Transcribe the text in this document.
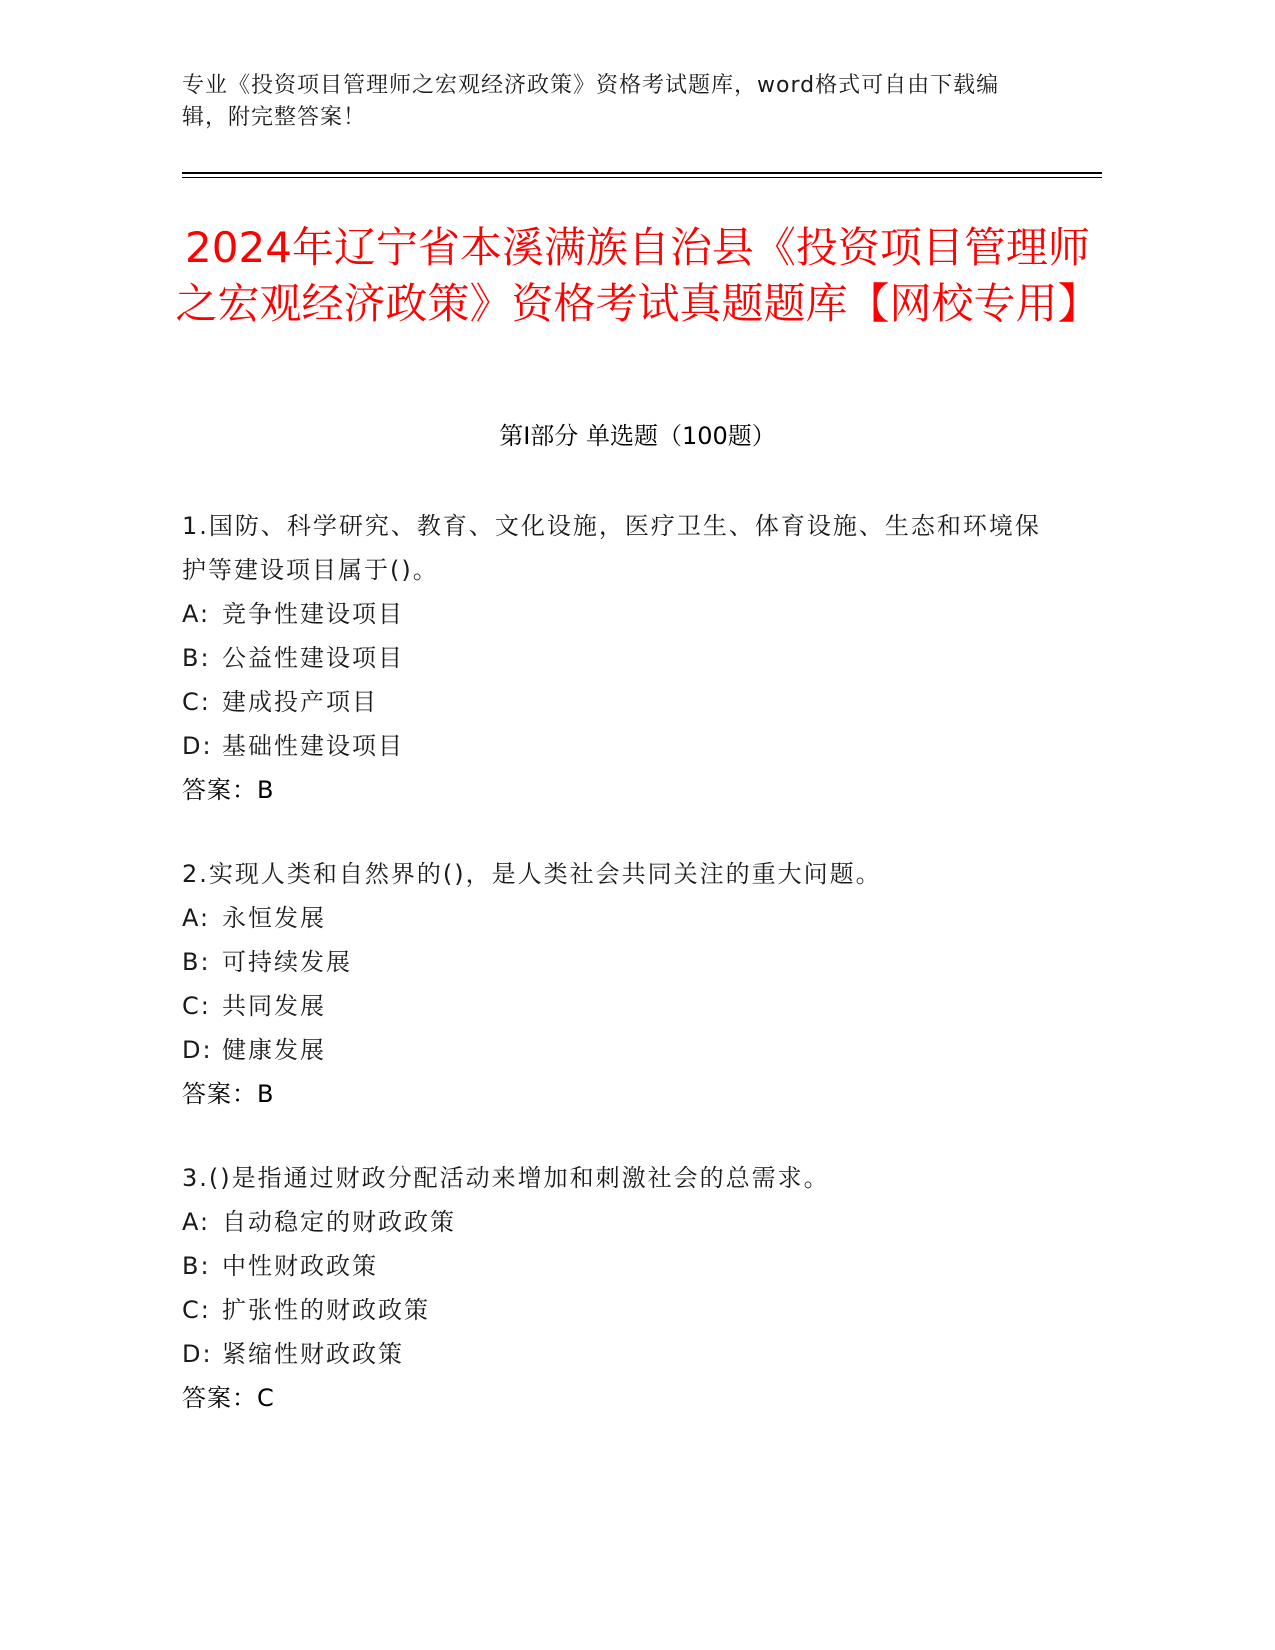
专业《投资项目管理师之宏观经济政策》资格考试题库，word格式可自由下载编辑，附完整答案！

2024年辽宁省本溪满族自治县《投资项目管理师之宏观经济政策》资格考试真题题库【网校专用】
第I部分 单选题（100题）

1.国防、科学研究、教育、文化设施，医疗卫生、体育设施、生态和环境保护等建设项目属于()。

A: 竞争性建设项目

B: 公益性建设项目

C: 建成投产项目

D: 基础性建设项目

答案：B

2.实现人类和自然界的()，是人类社会共同关注的重大问题。

A: 永恒发展

B: 可持续发展

C: 共同发展

D: 健康发展

答案：B

3.()是指通过财政分配活动来增加和刺激社会的总需求。

A: 自动稳定的财政政策

B: 中性财政政策

C: 扩张性的财政政策

D: 紧缩性财政政策

答案：C
